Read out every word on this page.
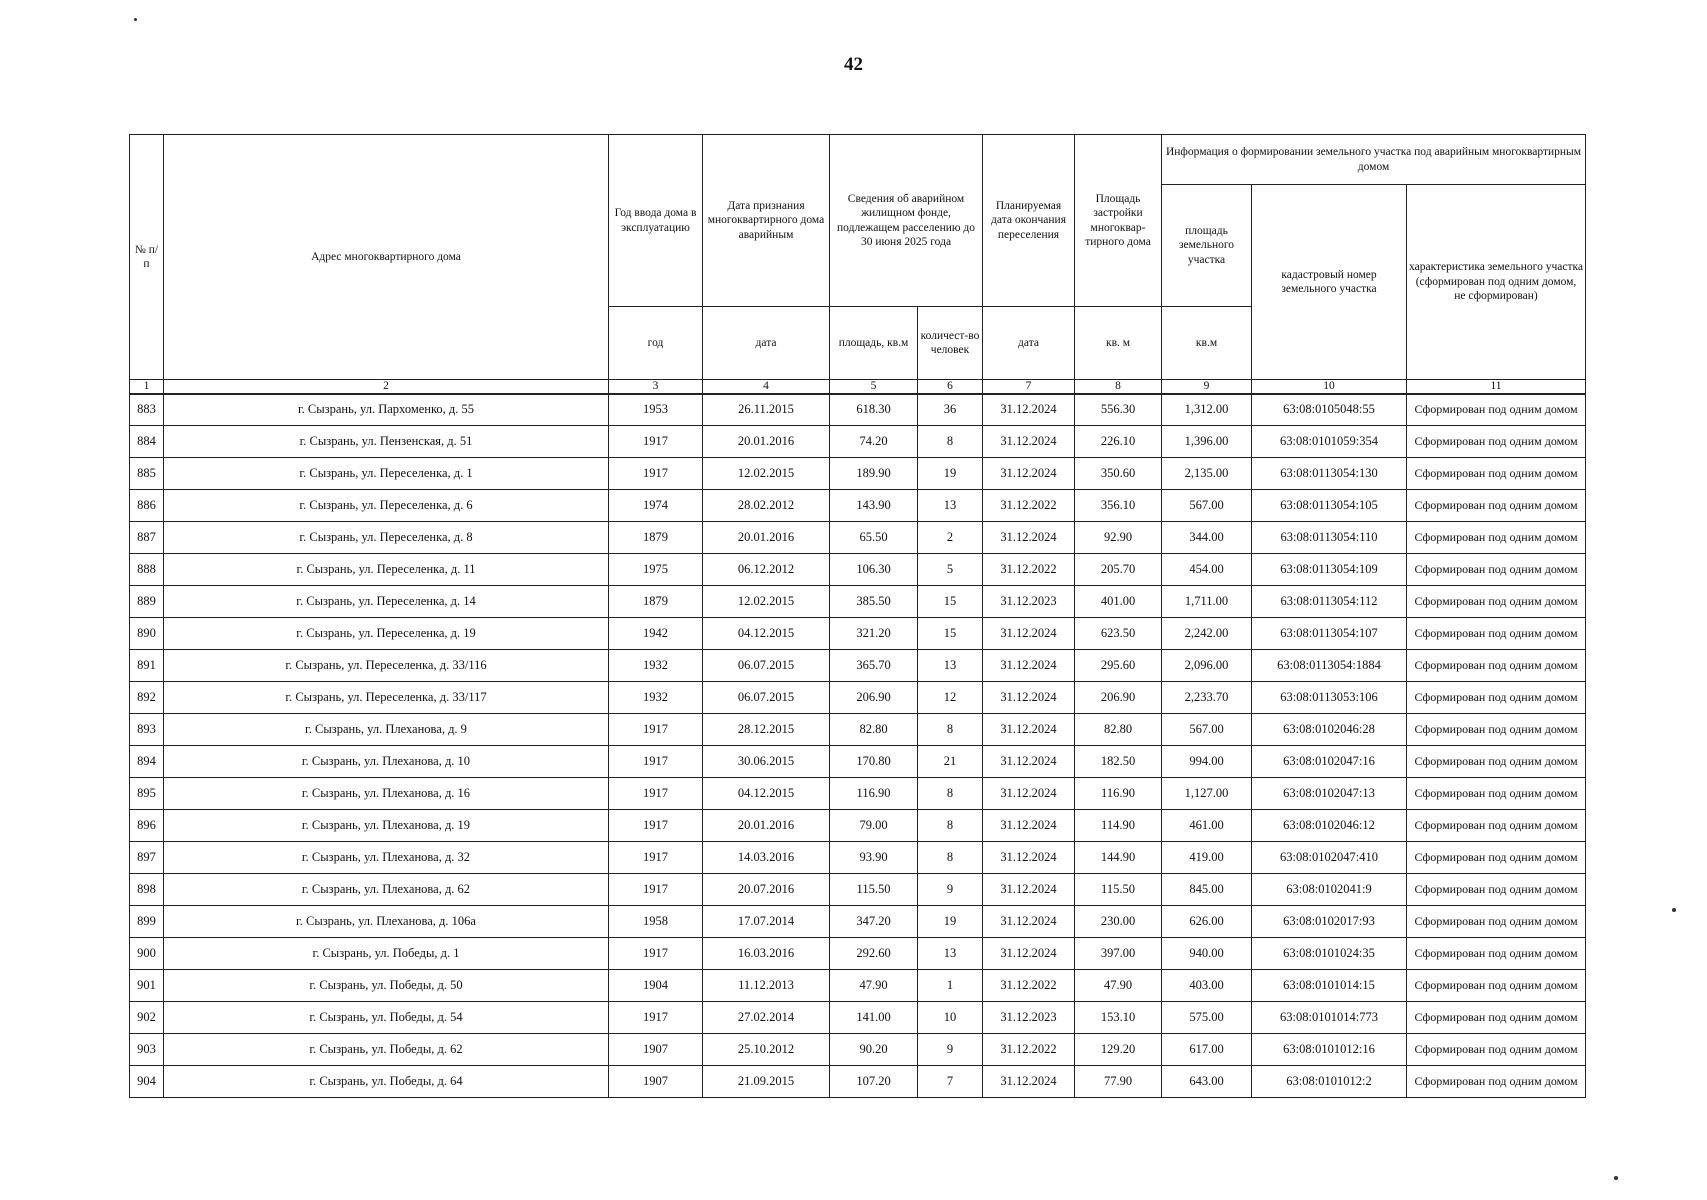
42
№ п/п	Адрес многоквартирного дома	Год ввода дома в эксплуатацию	Дата признания многоквартирного дома аварийным	Сведения об аварийном жилищном фонде, подлежащем расселению до 30 июня 2025 года		Планируемая дата окончания переселения	Площадь застройки многоквар-тирного дома	Информация о формировании земельного участка под аварийным многоквартирным домом		
								площадь земельного участка	кадастровый номер земельного участка	характеристика земельного участка (сформирован под одним домом, не сформирован)
		год	дата	площадь, кв.м	количест-во человек	дата	кв. м	кв.м		
1	2	3	4	5	6	7	8	9	10	11
883	г. Сызрань, ул. Пархоменко, д. 55	1953	26.11.2015	618.30	36	31.12.2024	556.30	1,312.00	63:08:0105048:55	Сформирован под одним домом
884	г. Сызрань, ул. Пензенская, д. 51	1917	20.01.2016	74.20	8	31.12.2024	226.10	1,396.00	63:08:0101059:354	Сформирован под одним домом
885	г. Сызрань, ул. Переселенка, д. 1	1917	12.02.2015	189.90	19	31.12.2024	350.60	2,135.00	63:08:0113054:130	Сформирован под одним домом
886	г. Сызрань, ул. Переселенка, д. 6	1974	28.02.2012	143.90	13	31.12.2022	356.10	567.00	63:08:0113054:105	Сформирован под одним домом
887	г. Сызрань, ул. Переселенка, д. 8	1879	20.01.2016	65.50	2	31.12.2024	92.90	344.00	63:08:0113054:110	Сформирован под одним домом
888	г. Сызрань, ул. Переселенка, д. 11	1975	06.12.2012	106.30	5	31.12.2022	205.70	454.00	63:08:0113054:109	Сформирован под одним домом
889	г. Сызрань, ул. Переселенка, д. 14	1879	12.02.2015	385.50	15	31.12.2023	401.00	1,711.00	63:08:0113054:112	Сформирован под одним домом
890	г. Сызрань, ул. Переселенка, д. 19	1942	04.12.2015	321.20	15	31.12.2024	623.50	2,242.00	63:08:0113054:107	Сформирован под одним домом
891	г. Сызрань, ул. Переселенка, д. 33/116	1932	06.07.2015	365.70	13	31.12.2024	295.60	2,096.00	63:08:0113054:1884	Сформирован под одним домом
892	г. Сызрань, ул. Переселенка, д. 33/117	1932	06.07.2015	206.90	12	31.12.2024	206.90	2,233.70	63:08:0113053:106	Сформирован под одним домом
893	г. Сызрань, ул. Плеханова, д. 9	1917	28.12.2015	82.80	8	31.12.2024	82.80	567.00	63:08:0102046:28	Сформирован под одним домом
894	г. Сызрань, ул. Плеханова, д. 10	1917	30.06.2015	170.80	21	31.12.2024	182.50	994.00	63:08:0102047:16	Сформирован под одним домом
895	г. Сызрань, ул. Плеханова, д. 16	1917	04.12.2015	116.90	8	31.12.2024	116.90	1,127.00	63:08:0102047:13	Сформирован под одним домом
896	г. Сызрань, ул. Плеханова, д. 19	1917	20.01.2016	79.00	8	31.12.2024	114.90	461.00	63:08:0102046:12	Сформирован под одним домом
897	г. Сызрань, ул. Плеханова, д. 32	1917	14.03.2016	93.90	8	31.12.2024	144.90	419.00	63:08:0102047:410	Сформирован под одним домом
898	г. Сызрань, ул. Плеханова, д. 62	1917	20.07.2016	115.50	9	31.12.2024	115.50	845.00	63:08:0102041:9	Сформирован под одним домом
899	г. Сызрань, ул. Плеханова, д. 106а	1958	17.07.2014	347.20	19	31.12.2024	230.00	626.00	63:08:0102017:93	Сформирован под одним домом
900	г. Сызрань, ул. Победы, д. 1	1917	16.03.2016	292.60	13	31.12.2024	397.00	940.00	63:08:0101024:35	Сформирован под одним домом
901	г. Сызрань, ул. Победы, д. 50	1904	11.12.2013	47.90	1	31.12.2022	47.90	403.00	63:08:0101014:15	Сформирован под одним домом
902	г. Сызрань, ул. Победы, д. 54	1917	27.02.2014	141.00	10	31.12.2023	153.10	575.00	63:08:0101014:773	Сформирован под одним домом
903	г. Сызрань, ул. Победы, д. 62	1907	25.10.2012	90.20	9	31.12.2022	129.20	617.00	63:08:0101012:16	Сформирован под одним домом
904	г. Сызрань, ул. Победы, д. 64	1907	21.09.2015	107.20	7	31.12.2024	77.90	643.00	63:08:0101012:2	Сформирован под одним домом
